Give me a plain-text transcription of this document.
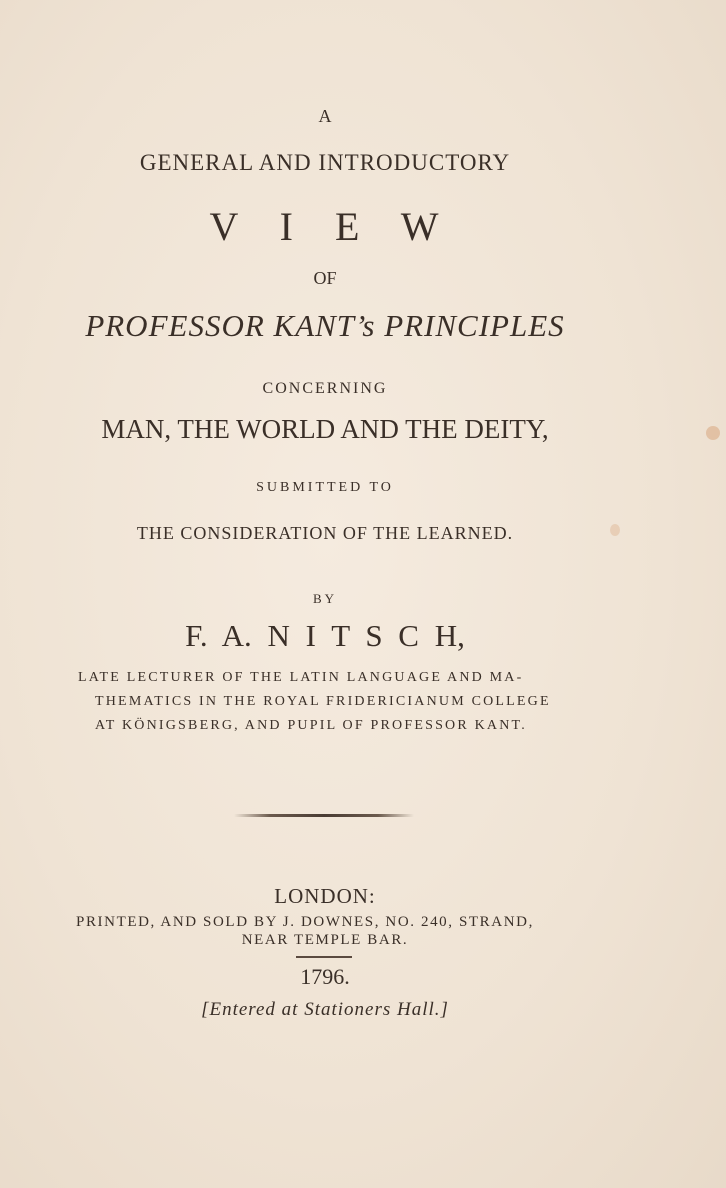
A
GENERAL AND INTRODUCTORY
V I E W
OF
PROFESSOR KANT’s PRINCIPLES
CONCERNING
MAN, THE WORLD AND THE DEITY,
SUBMITTED TO
THE CONSIDERATION OF THE LEARNED.
BY
F. A. N I T S C H,
LATE LECTURER OF THE LATIN LANGUAGE AND MA-
THEMATICS IN THE ROYAL FRIDERICIANUM COLLEGE
AT KÖNIGSBERG, AND PUPIL OF PROFESSOR KANT.
LONDON:
PRINTED, AND SOLD BY J. DOWNES, NO. 240, STRAND,
NEAR TEMPLE BAR.
1796.
[Entered at Stationers Hall.]
